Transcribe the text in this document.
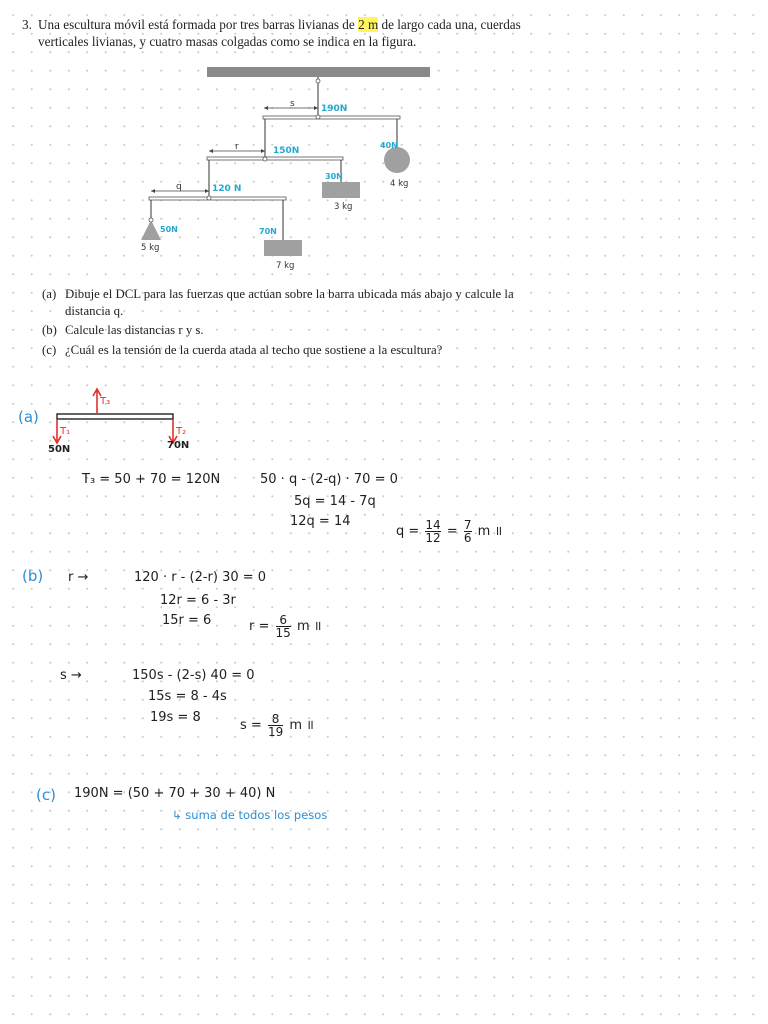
3. Una escultura móvil está formada por tres barras livianas de 2 m de largo cada una, cuerdas verticales livianas, y cuatro masas colgadas como se indica en la figura.
s	190N
40N
4 kg
r	150N
30N
3 kg
q	120 N
50N
5 kg
70N
7 kg
(a) Dibuje el DCL para las fuerzas que actúan sobre la barra ubicada más abajo y calcule la distancia q.
(b) Calcule las distancias r y s.
(c) ¿Cuál es la tensión de la cuerda atada al techo que sostiene a la escultura?
(a)
T₃
T₁	T₂
50N	70N
T₃ = 50 + 70 = 120N	50 · q - (2-q) · 70 = 0
5q = 14 - 7q
12q = 14
$q = \frac{14}{12} = \frac{7}{6}$ m ॥
(b) r →	120 · r - (2-r) 30 = 0
12r = 6 - 3r
15r = 6	$r = \frac{6}{15}$ m ॥
s →	150s - (2-s) 40 = 0
15s = 8 - 4s
19s = 8
$s = \frac{8}{19}$ m ॥
(c) 190N = (50 + 70 + 30 + 40) N
↳ suma de todos los pesos
